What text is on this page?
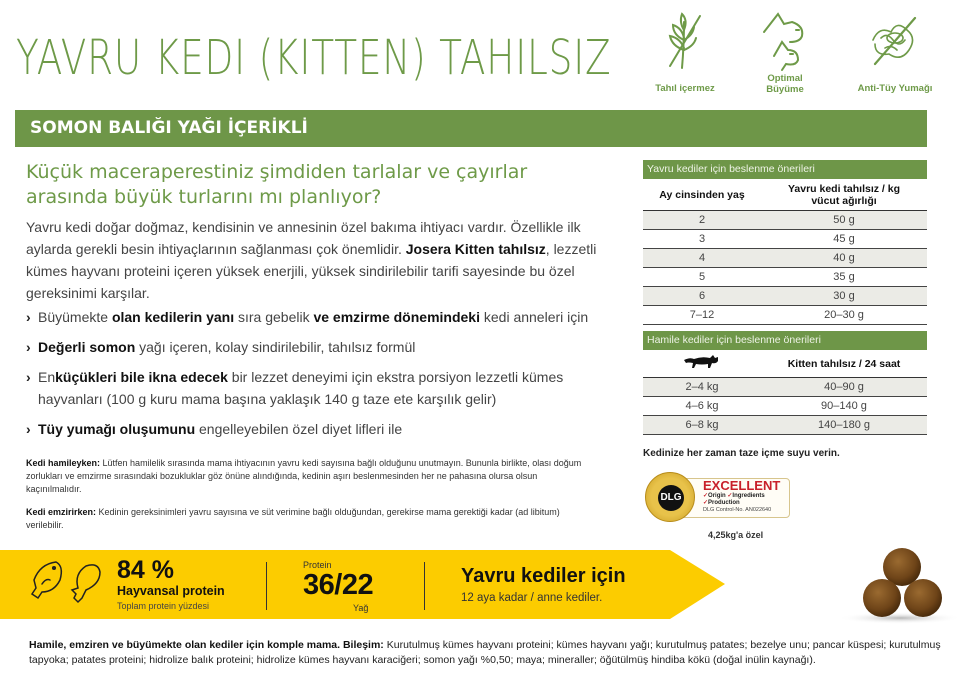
YAVRU KEDI (KITTEN) TAHILSIZ
Tahıl içermez
Optimal
Büyüme	Anti-Tüy Yumağı
SOMON BALIĞI YAĞI İÇERİKLİ
Küçük maceraperestiniz şimdiden tarlalar ve çayırlar arasında büyük turlarını mı planlıyor?

Yavru kedi doğar doğmaz, kendisinin ve annesinin özel bakıma ihtiyacı vardır. Özellikle ilk aylarda gerekli besin ihtiyaçlarının sağlanması çok önemlidir. Josera Kitten tahılsız, lezzetli kümes hayvanı proteini içeren yüksek enerjili, yüksek sindirilebilir tarifi sayesinde bu özel gereksinimi karşılar.

› Büyümekte olan kedilerin yanı sıra gebelik ve emzirme dönemindeki kedi anneleri için
› Değerli somon yağı içeren, kolay sindirilebilir, tahılsız formül
› Enküçükleri bile ikna edecek bir lezzet deneyimi için ekstra porsiyon lezzetli kümes hayvanları (100 g kuru mama başına yaklaşık 140 g taze ete karşılık gelir)
› Tüy yumağı oluşumunu engelleyebilen özel diyet lifleri ile

Kedi hamileyken: Lütfen hamilelik sırasında mama ihtiyacının yavru kedi sayısına bağlı olduğunu unutmayın. Bununla birlikte, olası doğum zorlukları ve emzirme sırasındaki bozukluklar göz önüne alındığında, kedinin aşırı beslenmesinden her ne pahasına olursa olsun kaçınılmalıdır.

Kedi emzirirken: Kedinin gereksinimleri yavru sayısına ve süt verimine bağlı olduğundan, gerekirse mama gerektiği kadar (ad libitum) verilebilir.

Yavru kediler için beslenme önerileri
Ay cinsinden yaş	Yavru kedi tahılsız / kg vücut ağırlığı
2	50 g
3	45 g
4	40 g
5	35 g
6	30 g
7–12	20–30 g
Hamile kediler için beslenme önerileri
Kitten tahılsız / 24 saat
2–4 kg	40–90 g
4–6 kg	90–140 g
6–8 kg	140–180 g
Kedinize her zaman taze içme suyu verin.
EXCELLENT
✓Origin ✓Ingredients
✓Production
DLG Control-No. AN022640
DLG
4,25kg'a özel
84 %
Hayvansal protein
Toplam protein yüzdesi
Protein
36/22
Yağ
Yavru kediler için
12 aya kadar / anne kediler.

Hamile, emziren ve büyümekte olan kediler için komple mama. Bileşim: Kurutulmuş kümes hayvanı proteini; kümes hayvanı yağı; kurutulmuş patates; bezelye unu; pancar küspesi; kurutulmuş tapyoka; patates proteini; hidrolize balık proteini; hidrolize kümes hayvanı karaciğeri; somon yağı %0,50; maya; mineraller; öğütülmüş hindiba kökü (doğal inülin kaynağı).
